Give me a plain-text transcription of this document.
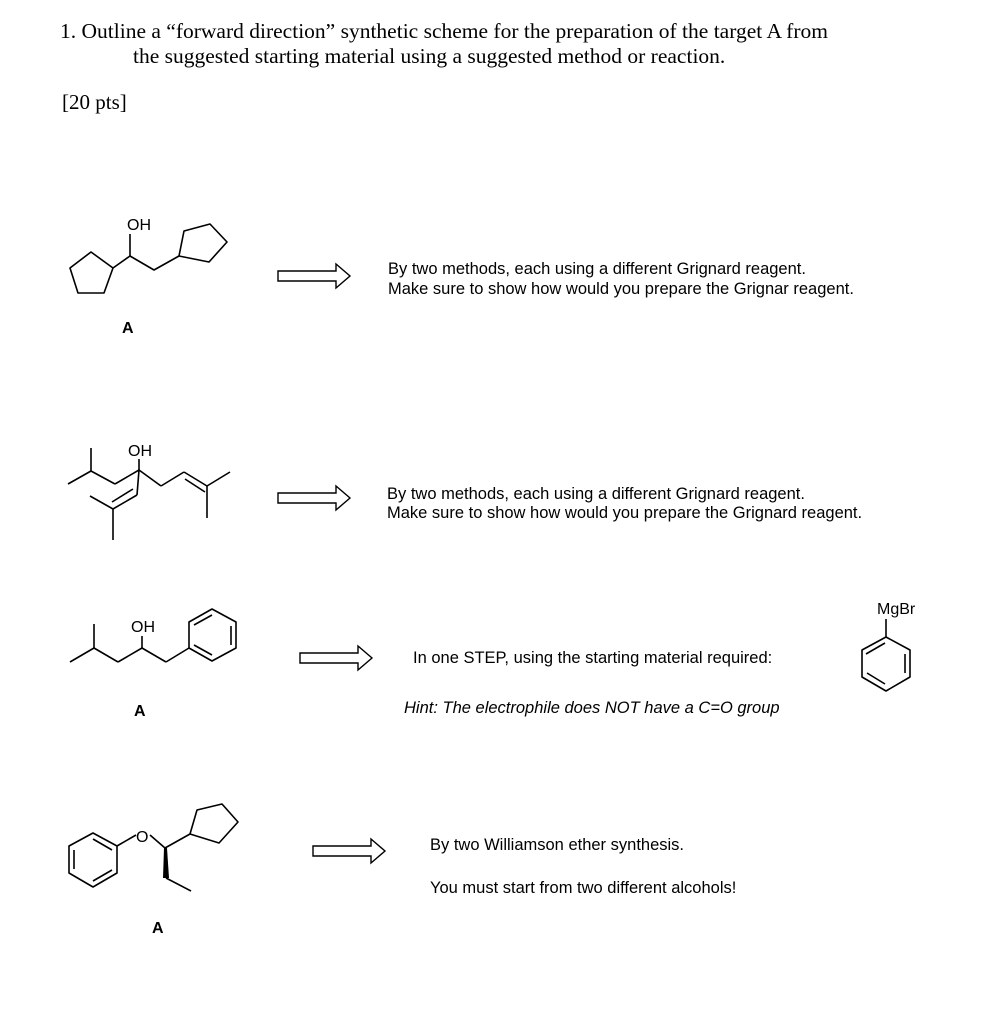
1. Outline a “forward direction” synthetic scheme for the preparation of the target A from
the suggested starting material using a suggested method or reaction.
[20 pts]
OH
A
By two methods, each using a different Grignard reagent.
Make sure to show how would you prepare the Grignar reagent.
OH
By two methods, each using a different Grignard reagent.
Make sure to show how would you prepare the Grignard reagent.
OH
MgBr
A
In one STEP, using the starting material required:
Hint: The electrophile does NOT have a C=O group
O
A
By two Williamson ether synthesis.
You must start from two different alcohols!
